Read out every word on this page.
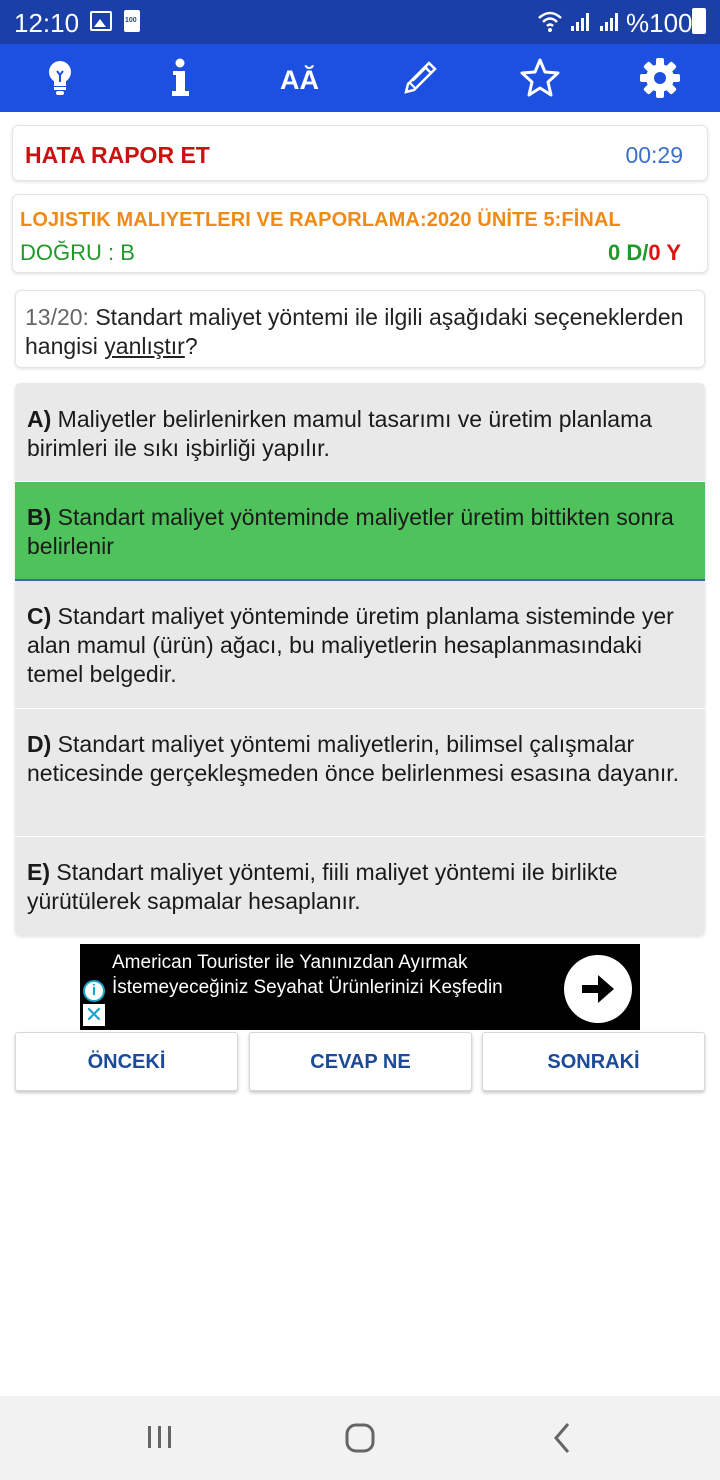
12:10	100	%100
AĂ
HATA RAPOR ET	00:29
LOJISTIK MALIYETLERI VE RAPORLAMA:2020 ÜNİTE 5:FİNAL
DOĞRU : B	0 D/0 Y
13/20: Standart maliyet yöntemi ile ilgili aşağıdaki seçeneklerden hangisi yanlıştır?
A) Maliyetler belirlenirken mamul tasarımı ve üretim planlama birimleri ile sıkı işbirliği yapılır.
B) Standart maliyet yönteminde maliyetler üretim bittikten sonra belirlenir
C) Standart maliyet yönteminde üretim planlama sisteminde yer alan mamul (ürün) ağacı, bu maliyetlerin hesaplanmasındaki temel belgedir.
D) Standart maliyet yöntemi maliyetlerin, bilimsel çalışmalar neticesinde gerçekleşmeden önce belirlenmesi esasına dayanır.
E) Standart maliyet yöntemi, fiili maliyet yöntemi ile birlikte yürütülerek sapmalar hesaplanır.
i
✕
American Tourister ile Yanınızdan Ayırmak İstemeyeceğiniz Seyahat Ürünlerinizi Keşfedin
ÖNCEKİ	CEVAP NE	SONRAKİ
